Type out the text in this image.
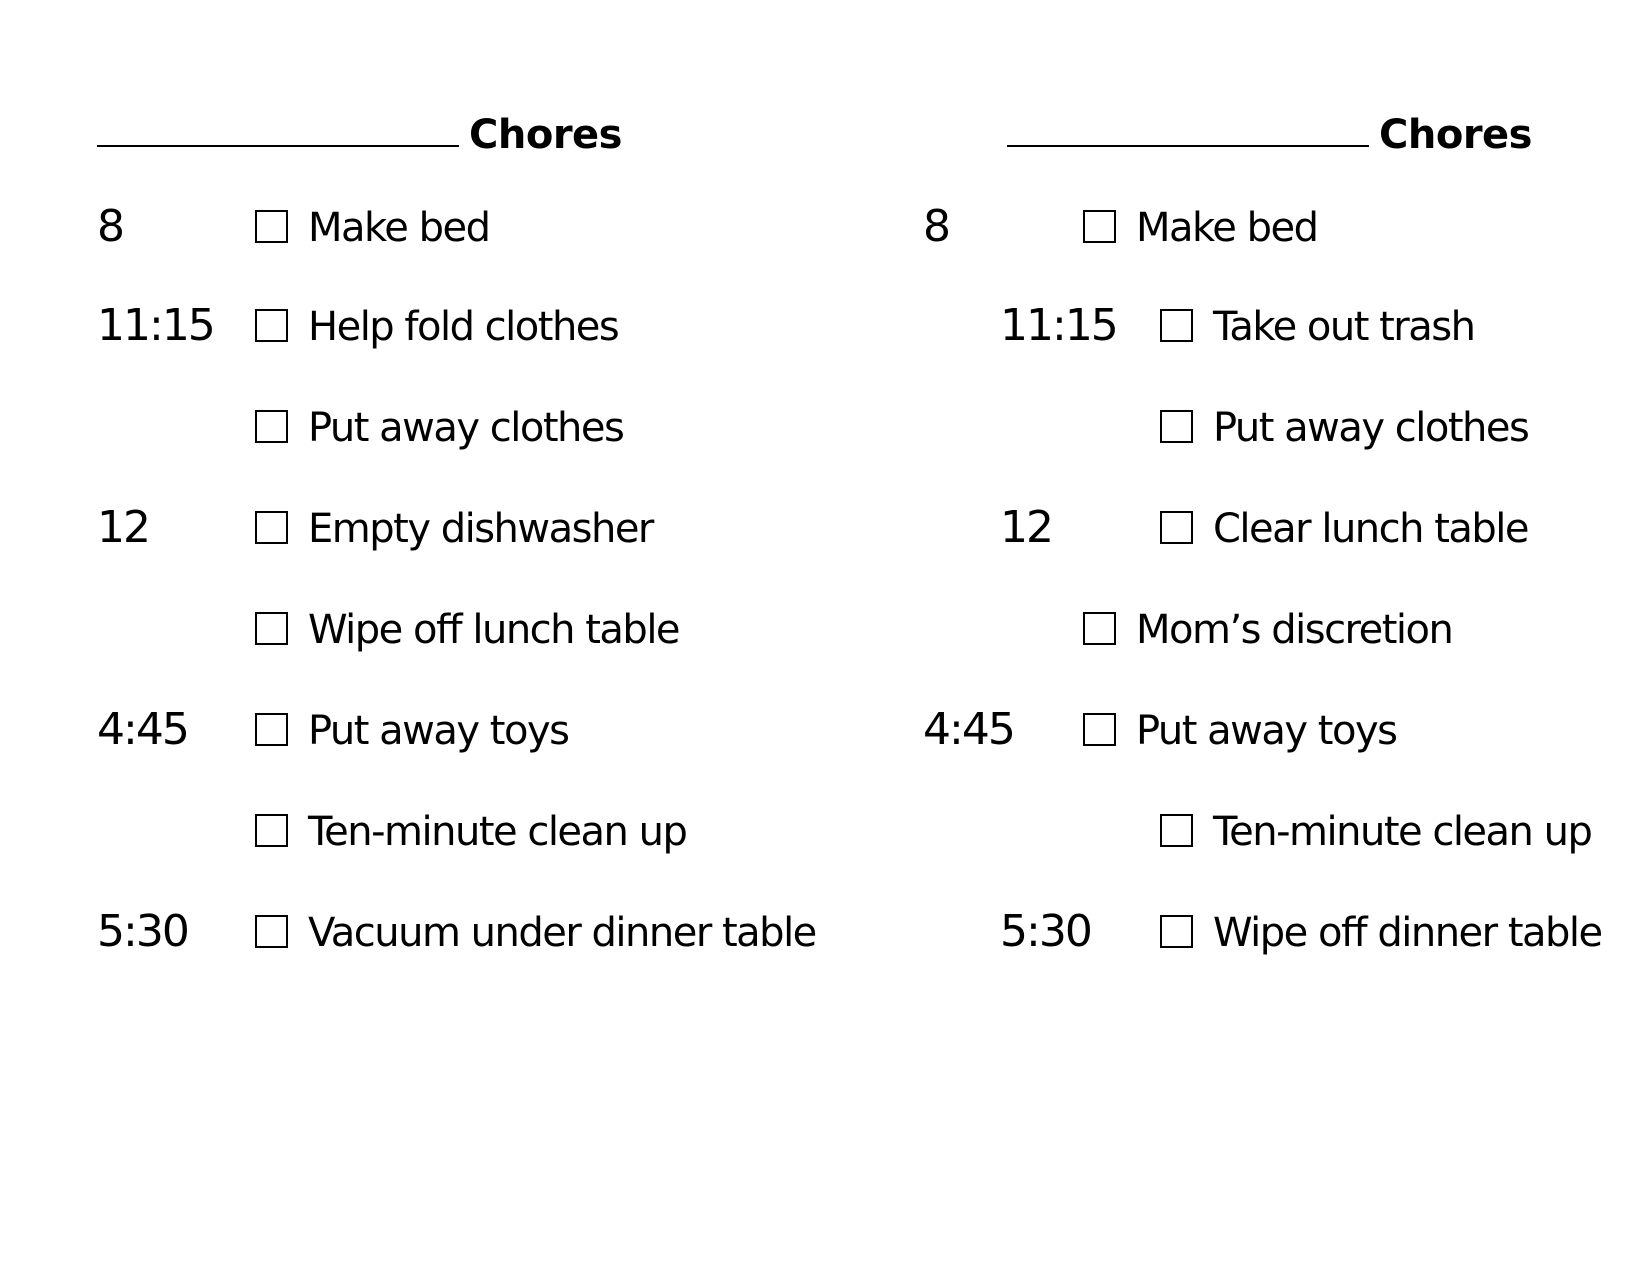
Chores
8	Make bed
11:15 Help fold clothes
Put away clothes
12	Empty dishwasher
Wipe off lunch table
4:45	Put away toys
Ten-minute clean up
5:30	Vacuum under dinner table
Chores
8	Make bed
11:15 Take out trash
Put away clothes
12	Clear lunch table
Mom’s discretion
4:45	Put away toys
Ten-minute clean up
5:30	Wipe off dinner table
